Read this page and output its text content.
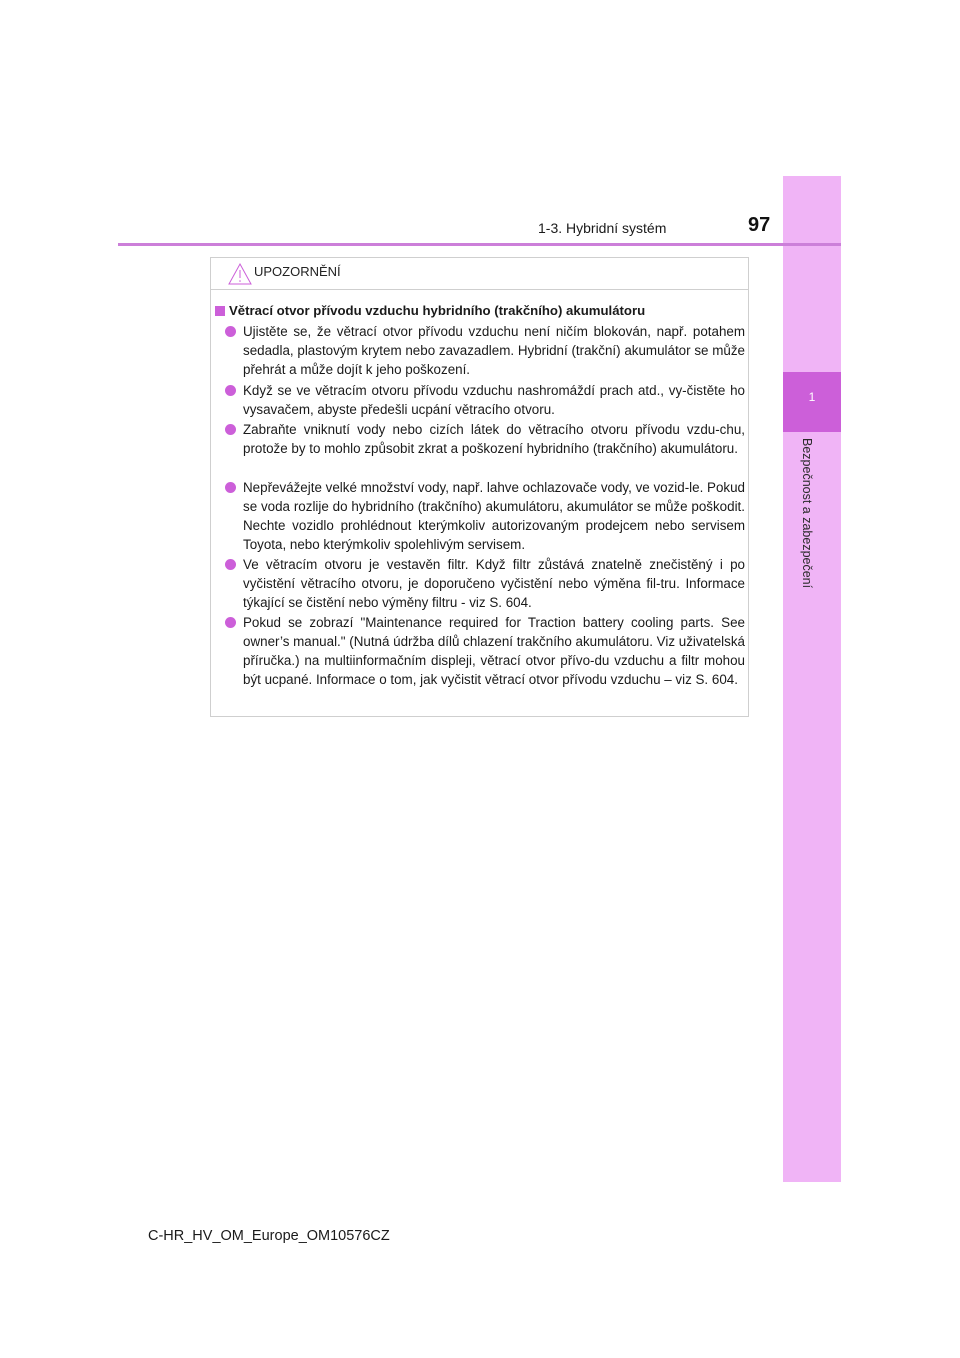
1
Bezpečnost a zabezpečení
1-3. Hybridní systém	97
UPOZORNĚNÍ
Větrací otvor přívodu vzduchu hybridního (trakčního) akumulátoru
Ujistěte se, že větrací otvor přívodu vzduchu není ničím blokován, např. potahem sedadla, plastovým krytem nebo zavazadlem. Hybridní (trakční) akumulátor se může přehrát a může dojít k jeho poškození.
Když se ve větracím otvoru přívodu vzduchu nashromáždí prach atd., vy-čistěte ho vysavačem, abyste předešli ucpání větracího otvoru.
Zabraňte vniknutí vody nebo cizích látek do větracího otvoru přívodu vzdu-chu, protože by to mohlo způsobit zkrat a poškození hybridního (trakčního) akumulátoru.
Nepřevážejte velké množství vody, např. lahve ochlazovače vody, ve vozid-le. Pokud se voda rozlije do hybridního (trakčního) akumulátoru, akumulátor se může poškodit. Nechte vozidlo prohlédnout kterýmkoliv autorizovaným prodejcem nebo servisem Toyota, nebo kterýmkoliv spolehlivým servisem.
Ve větracím otvoru je vestavěn filtr. Když filtr zůstává znatelně znečistěný i po vyčistění větracího otvoru, je doporučeno vyčistění nebo výměna fil-tru. Informace týkající se čistění nebo výměny filtru - viz S. 604.
Pokud se zobrazí "Maintenance required for Traction battery cooling parts. See owner’s manual." (Nutná údržba dílů chlazení trakčního akumulátoru. Viz uživatelská příručka.) na multiinformačním displeji, větrací otvor přívo-du vzduchu a filtr mohou být ucpané. Informace o tom, jak vyčistit větrací otvor přívodu vzduchu – viz S. 604.
C-HR_HV_OM_Europe_OM10576CZ
